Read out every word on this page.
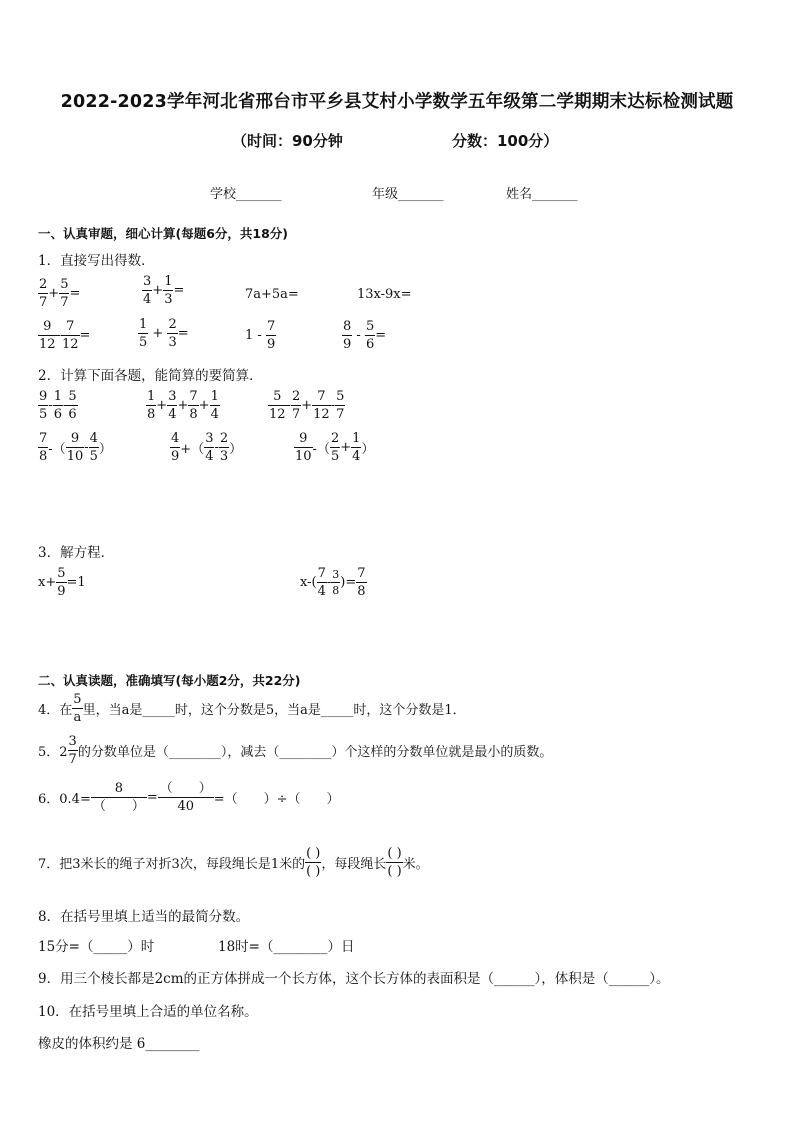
2022-2023学年河北省邢台市平乡县艾村小学数学五年级第二学期期末达标检测试题
（时间：90分钟	分数：100分）
学校_______	年级_______	姓名_______
一、认真审题，细心计算(每题6分，共18分)
1．直接写出得数．
$\frac{2}{7} + \frac{5}{7}$ =	$\frac{3}{4} + \frac{1}{3}$ =	7a+5a=	13x-9x=
$\frac{9}{12} - \frac{7}{12}$ =	$\frac{1}{5} + \frac{2}{3}$ =	$1 - \frac{7}{9}$	$\frac{8}{9} - \frac{5}{6}$ =
2．计算下面各题，能简算的要简算．
$\frac{9}{5} - \frac{1}{6} - \frac{5}{6}$	$\frac{1}{8} + \frac{3}{4} + \frac{7}{8} + \frac{1}{4}$	$\frac{5}{12} - \frac{2}{7} + \frac{7}{12} - \frac{5}{7}$
$\frac{7}{8}$ -（ $\frac{9}{10} - \frac{4}{5}$ ）	$\frac{4}{9}$ +（ $\frac{3}{4} - \frac{2}{3}$ ）	$\frac{9}{10}$ -（ $\frac{2}{5} + \frac{1}{4}$ ）
3．解方程．
$x+ \frac{5}{9} =1$	$x-( \frac{7}{4} - \frac{3}{8}$ )= $\frac{7}{8}$
二、认真读题，准确填写(每小题2分，共22分)
4．在 $\frac{5}{a}$ 里，当a是_____时，这个分数是5，当a是_____时，这个分数是1．
5．$2 \frac{3}{7}$ 的分数单位是（________），减去（________）个这样的分数单位就是最小的质数。
6．0.4=
8
（　　）
=
（　　）
40	=（　　）÷（　　）
7．把3米长的绳子对折3次，每段绳长是1米的
( )
( ) ，每段绳长
( )
( ) 米。
8．在括号里填上适当的最简分数。
15分=（_____）时	18时=（________）日
9．用三个棱长都是2cm的正方体拼成一个长方体，这个长方体的表面积是（______），体积是（______）。
10．在括号里填上合适的单位名称。
橡皮的体积约是 6________
